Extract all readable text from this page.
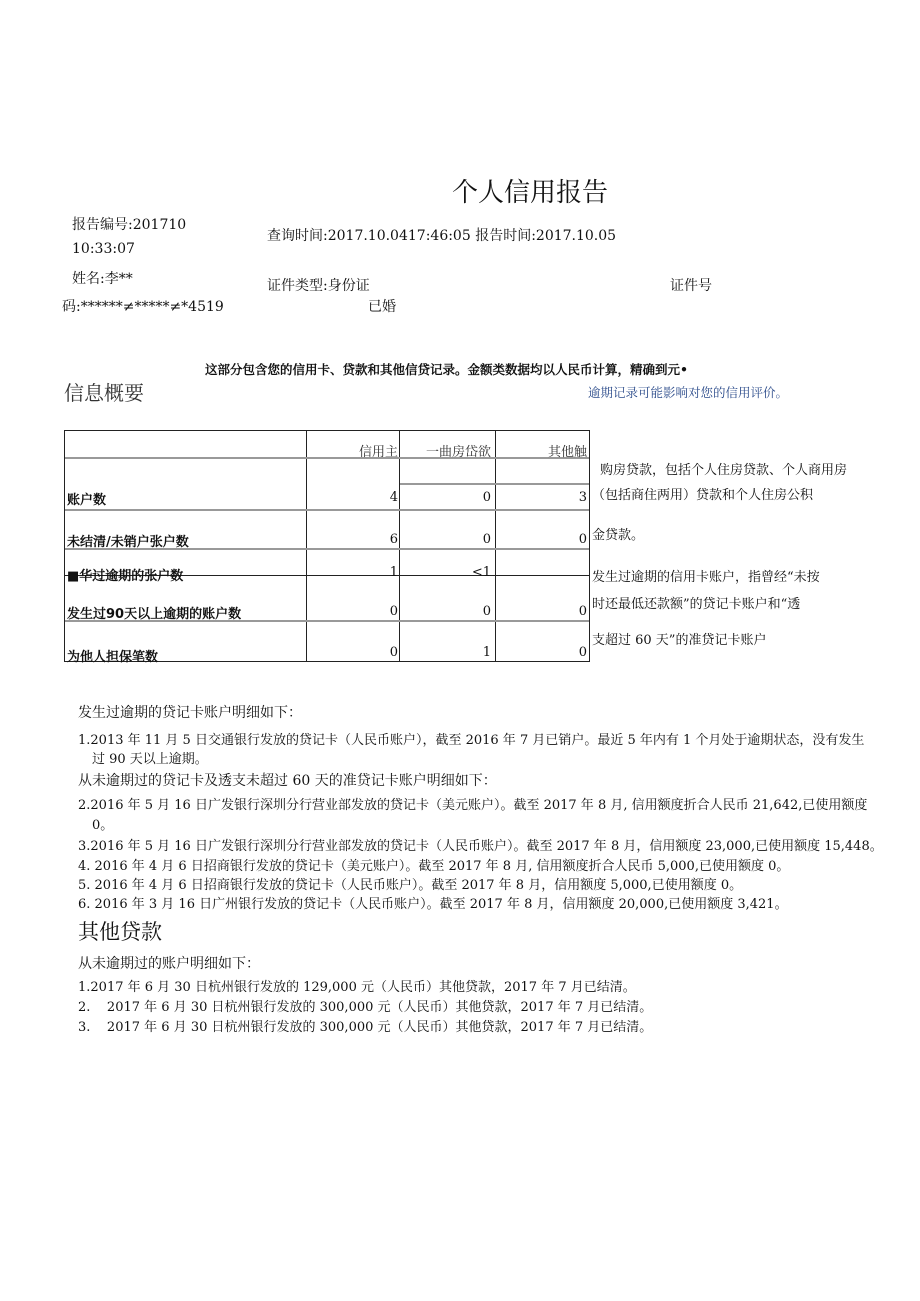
个人信用报告
报告编号:201710
10:33:07
查询时间:2017.10.0417:46:05 报告时间:2017.10.05
姓名:李**	证件类型:身份证	证件号
码:******≠*****≠*4519	已婚
这部分包含您的信用卡、贷款和其他信贷记录。金额类数据均以人民币计算，精确到元•
信息概要	逾期记录可能影响对您的信用评价。
信用主	一曲房岱欲	其他触
账户数	4	0	3
未结清/未销户张户数	6	0	0
■华过逾期的张户数	1	<1
发生过90天以上逾期的账户数	0	0	0
为他人担保笔数	0	1	0
购房贷款，包括个人住房贷款、个人商用房
（包括商住两用）贷款和个人住房公积
金贷款。
发生过逾期的信用卡账户，指曾经“未按
时还最低还款额”的贷记卡账户和“透
支超过 60 天”的准贷记卡账户
发生过逾期的贷记卡账户明细如下：
1.2013 年 11 月 5 日交通银行发放的贷记卡（人民币账户），截至 2016 年 7 月已销户。最近 5 年内有 1 个月处于逾期状态，没有发生
过 90 天以上逾期。
从未逾期过的贷记卡及透支未超过 60 天的准贷记卡账户明细如下：
2.2016 年 5 月 16 日广发银行深圳分行营业部发放的贷记卡（美元账户）。截至 2017 年 8 月, 信用额度折合人民币 21,642,已使用额度
0。
3.2016 年 5 月 16 日广发银行深圳分行营业部发放的贷记卡（人民币账户）。截至 2017 年 8 月，信用额度 23,000,已使用额度 15,448。
4. 2016 年 4 月 6 日招商银行发放的贷记卡（美元账户）。截至 2017 年 8 月, 信用额度折合人民币 5,000,已使用额度 0。
5. 2016 年 4 月 6 日招商银行发放的贷记卡（人民币账户）。截至 2017 年 8 月，信用额度 5,000,已使用额度 0。
6. 2016 年 3 月 16 日广州银行发放的贷记卡（人民币账户）。截至 2017 年 8 月，信用额度 20,000,已使用额度 3,421。
其他贷款
从未逾期过的账户明细如下：
1.2017 年 6 月 30 日杭州银行发放的 129,000 元（人民币）其他贷款，2017 年 7 月已结清。
2.    2017 年 6 月 30 日杭州银行发放的 300,000 元（人民币）其他贷款，2017 年 7 月已结清。
3.    2017 年 6 月 30 日杭州银行发放的 300,000 元（人民币）其他贷款，2017 年 7 月已结清。
